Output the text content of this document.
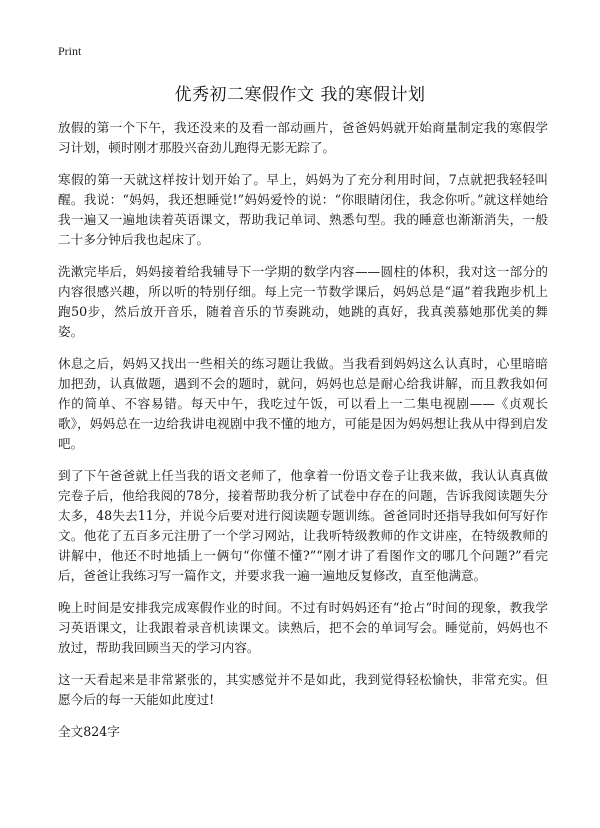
Print
优秀初二寒假作文 我的寒假计划

放假的第一个下午，我还没来的及看一部动画片，爸爸妈妈就开始商量制定我的寒假学习计划，顿时刚才那股兴奋劲儿跑得无影无踪了。

寒假的第一天就这样按计划开始了。早上，妈妈为了充分利用时间，7点就把我轻轻叫醒。我说：“妈妈，我还想睡觉!”妈妈爱怜的说：“你眼睛闭住，我念你听。”就这样她给我一遍又一遍地读着英语课文，帮助我记单词、熟悉句型。我的睡意也渐渐消失，一般二十多分钟后我也起床了。

洗漱完毕后，妈妈接着给我辅导下一学期的数学内容——圆柱的体积，我对这一部分的内容很感兴趣，所以听的特别仔细。每上完一节数学课后，妈妈总是“逼”着我跑步机上跑50步，然后放开音乐，随着音乐的节奏跳动，她跳的真好，我真羡慕她那优美的舞姿。

休息之后，妈妈又找出一些相关的练习题让我做。当我看到妈妈这么认真时，心里暗暗加把劲，认真做题，遇到不会的题时，就问，妈妈也总是耐心给我讲解，而且教我如何作的简单、不容易错。每天中午，我吃过午饭，可以看上一二集电视剧——《贞观长歌》，妈妈总在一边给我讲电视剧中我不懂的地方，可能是因为妈妈想让我从中得到启发吧。

到了下午爸爸就上任当我的语文老师了，他拿着一份语文卷子让我来做，我认认真真做完卷子后，他给我阅的78分，接着帮助我分析了试卷中存在的问题，告诉我阅读题失分太多，48失去11分，并说今后要对进行阅读题专题训练。爸爸同时还指导我如何写好作文。他花了五百多元注册了一个学习网站，让我听特级教师的作文讲座，在特级教师的讲解中，他还不时地插上一俩句“你懂不懂?”“刚才讲了看图作文的哪几个问题?”看完后，爸爸让我练习写一篇作文，并要求我一遍一遍地反复修改，直至他满意。

晚上时间是安排我完成寒假作业的时间。不过有时妈妈还有“抢占”时间的现象，教我学习英语课文，让我跟着录音机读课文。读熟后，把不会的单词写会。睡觉前，妈妈也不放过，帮助我回顾当天的学习内容。

这一天看起来是非常紧张的，其实感觉并不是如此，我到觉得轻松愉快，非常充实。但愿今后的每一天能如此度过!

全文824字
